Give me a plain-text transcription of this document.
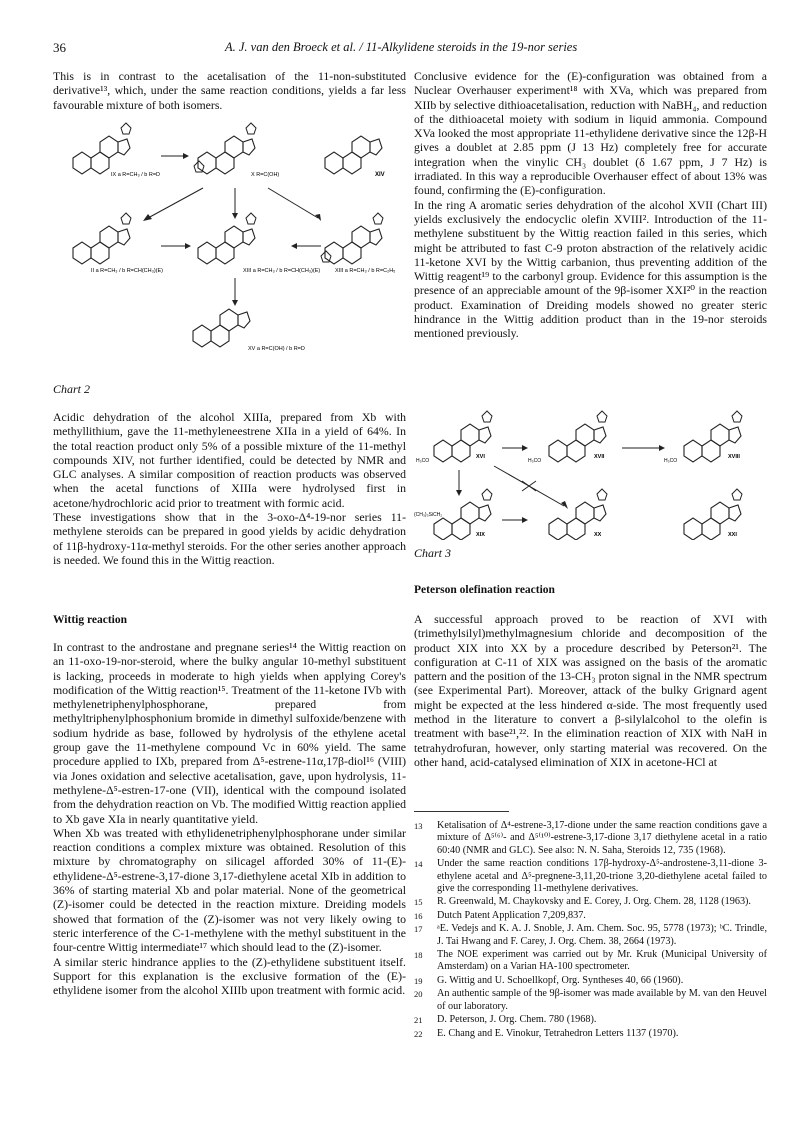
36	A. J. van den Broeck et al. / 11-Alkylidene steroids in the 19-nor series

This is in contrast to the acetalisation of the 11-non-substituted derivative¹³, which, under the same reaction conditions, yields a far less favourable mixture of both isomers.

IX a R=CH₃ / b R=D	X R=C(OH)	XIV
II a R=CH₃ / b R=CH(CH₃)(E)	XIII a R=CH₃ / b R=CH(CH₃)(E)	XIII a R=CH₃ / b R=C₂H₅
XV a R=C(OH) / b R=D
Chart 2

Acidic dehydration of the alcohol XIIIa, prepared from Xb with methyllithium, gave the 11-methyleneestrene XIIa in a yield of 64%. In the total reaction product only 5% of a possible mixture of the 11-methyl compounds XIV, not further identified, could be detected by NMR and GLC analyses. A similar composition of reaction products was observed when the acetal functions of XIIIa were hydrolysed first in acetone/hydrochloric acid prior to treatment with formic acid.

These investigations show that in the 3-oxo-Δ⁴-19-nor series 11-methylene steroids can be prepared in good yields by acidic dehydration of 11β-hydroxy-11α-methyl steroids. For the other series another approach is needed. We found this in the Wittig reaction.

Wittig reaction

In contrast to the androstane and pregnane series¹⁴ the Wittig reaction on an 11-oxo-19-nor-steroid, where the bulky angular 10-methyl substituent is lacking, proceeds in moderate to high yields when applying Corey's modification of the Wittig reaction¹⁵. Treatment of the 11-ketone IVb with methylenetriphenylphosphorane, prepared from methyltriphenylphosphonium bromide in dimethyl sulfoxide/benzene with sodium hydride as base, followed by hydrolysis of the ethylene acetal group gave the 11-methylene compound Vc in 60% yield. The same procedure applied to IXb, prepared from Δ⁵-estrene-11α,17β-diol¹⁶ (VIII) via Jones oxidation and selective acetalisation, gave, upon hydrolysis, 11-methylene-Δ⁵-estren-17-one (VII), identical with the compound isolated from the dehydration reaction on Vb. The modified Wittig reaction applied to Xb gave XIa in nearly quantitative yield.

When Xb was treated with ethylidenetriphenylphosphorane under similar reaction conditions a complex mixture was obtained. Resolution of this mixture by chromatography on silicagel afforded 30% of 11-(E)-ethylidene-Δ⁵-estrene-3,17-dione 3,17-diethylene acetal XIb in addition to 36% of starting material Xb and polar material. None of the geometrical (Z)-isomer could be detected in the reaction mixture. Dreiding models showed that formation of the (Z)-isomer was not very likely owing to steric interference of the C-1-methylene with the methyl substituent in the four-centre Wittig intermediate¹⁷ which should lead to the (Z)-isomer.

A similar steric hindrance applies to the (Z)-ethylidene substituent itself. Support for this explanation is the exclusive formation of the (E)-ethylidene isomer from the alcohol XIIIb upon treatment with formic acid.

Conclusive evidence for the (E)-configuration was obtained from a Nuclear Overhauser experiment¹⁸ with XVa, which was prepared from XIIb by selective dithioacetalisation, reduction with NaBH₄, and reduction of the dithioacetal moiety with sodium in liquid ammonia. Compound XVa looked the most appropriate 11-ethylidene derivative since the 12β-H gives a doublet at 2.85 ppm (J 13 Hz) completely free for accurate integration when the vinylic CH₃ doublet (δ 1.67 ppm, J 7 Hz) is irradiated. In this way a reproducible Overhauser effect of about 13% was found, confirming the (E)-configuration.

In the ring A aromatic series dehydration of the alcohol XVII (Chart III) yields exclusively the endocyclic olefin XVIII². Introduction of the 11-methylene substituent by the Wittig reaction failed in this series, which might be attributed to fast C-9 proton abstraction of the relatively acidic 11-ketone XVI by the Wittig carbanion, thus preventing addition of the Wittig reagent¹⁹ to the carbonyl group. Evidence for this assumption is the presence of an appreciable amount of the 9β-isomer XXI²⁰ in the reaction product. Examination of Dreiding models showed no greater steric hindrance in the Wittig addition product than in the 19-nor steroids mentioned previously.

H₃CO
XVI
H₃CO
XVII
H₃CO
XVIII
(CH₃)₃SiCH₂
XIX	XX	XXI
Chart 3
Peterson olefination reaction

A successful approach proved to be reaction of XVI with (trimethylsilyl)methylmagnesium chloride and decomposition of the product XIX into XX by a procedure described by Peterson²¹. The configuration at C-11 of XIX was assigned on the basis of the aromatic pattern and the position of the 13-CH₃ proton signal in the NMR spectrum (see Experimental Part). Moreover, attack of the bulky Grignard agent might be expected at the less hindered α-side. The most frequently used method in the literature to convert a β-silylalcohol to the olefin is treatment with base²¹,²². In the elimination reaction of XIX with NaH in tetrahydrofuran, however, only starting material was recovered. On the other hand, acid-catalysed elimination of XIX in acetone-HCl at

13	Ketalisation of Δ⁴-estrene-3,17-dione under the same reaction conditions gave a mixture of Δ⁵⁽⁶⁾- and Δ⁵⁽¹⁰⁾-estrene-3,17-dione 3,17 diethylene acetal in a ratio 60:40 (NMR and GLC). See also: N. N. Saha, Steroids 12, 735 (1968).
14	Under the same reaction conditions 17β-hydroxy-Δ⁵-androstene-3,11-dione 3-ethylene acetal and Δ⁵-pregnene-3,11,20-trione 3,20-diethylene acetal failed to give the corresponding 11-methylene derivatives.
15	R. Greenwald, M. Chaykovsky and E. Corey, J. Org. Chem. 28, 1128 (1963).
16	Dutch Patent Application 7,209,837.
17	ᵃE. Vedejs and K. A. J. Snoble, J. Am. Chem. Soc. 95, 5778 (1973); ᵇC. Trindle, J. Tai Hwang and F. Carey, J. Org. Chem. 38, 2664 (1973).
18	The NOE experiment was carried out by Mr. Kruk (Municipal University of Amsterdam) on a Varian HA-100 spectrometer.
19	G. Wittig and U. Schoellkopf, Org. Syntheses 40, 66 (1960).
20	An authentic sample of the 9β-isomer was made available by M. van den Heuvel of our laboratory.
21	D. Peterson, J. Org. Chem. 780 (1968).
22	E. Chang and E. Vinokur, Tetrahedron Letters 1137 (1970).
